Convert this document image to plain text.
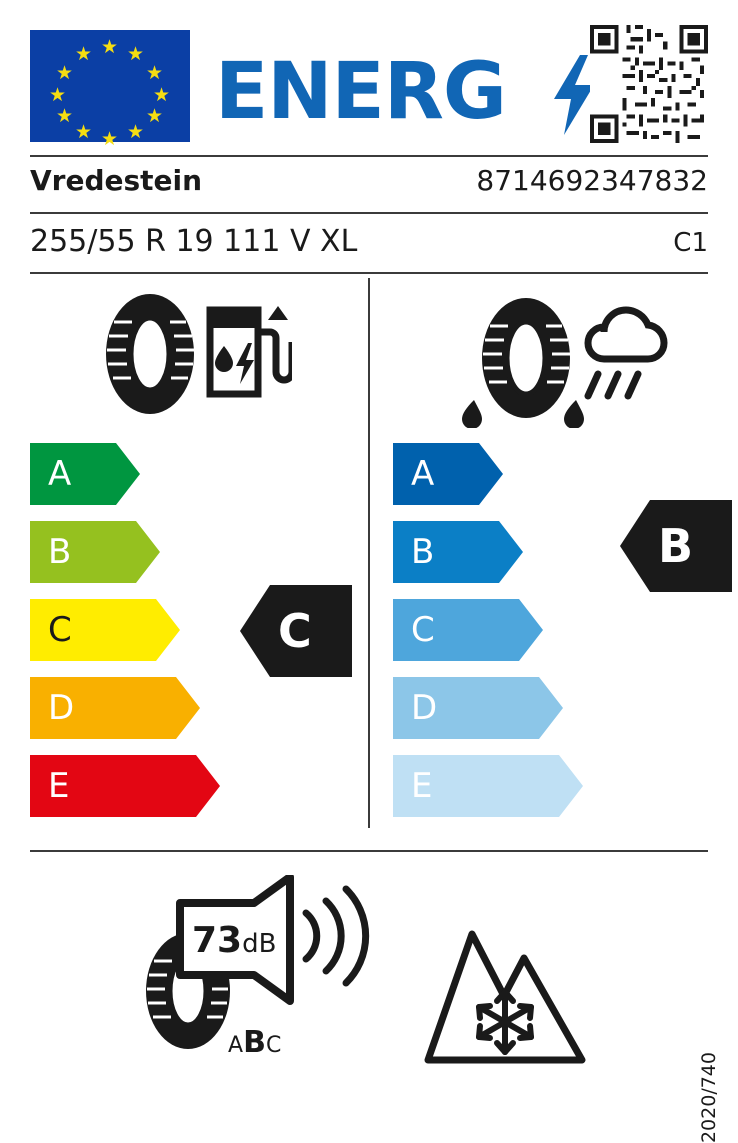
★
★ ★
★	★
★	★
★	★
★ ★
★
ENERG
Vredestein	8714692347832
255/55 R 19 111 V XL	C1
A
B
C
D
E
A
B
C
D
E
C
B
73dB
ABC
2020/740
